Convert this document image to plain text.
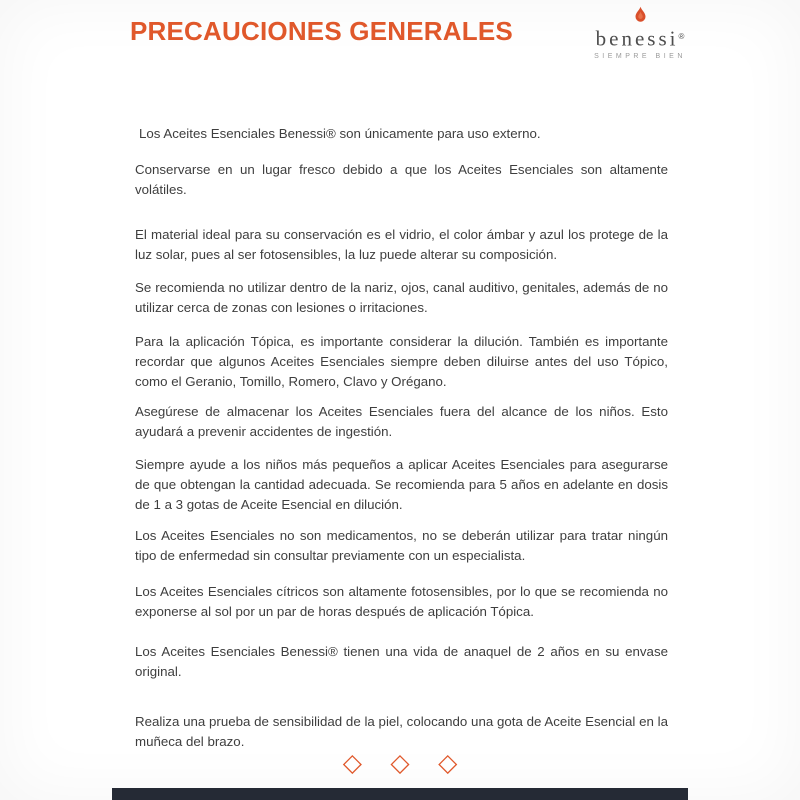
PRECAUCIONES GENERALES	benessi®
SIEMPRE BIEN

Los Aceites Esenciales Benessi® son únicamente para uso externo.

Conservarse en un lugar fresco debido a que los Aceites Esenciales son altamente volátiles.

El material ideal para su conservación es el vidrio, el color ámbar y azul los protege de la luz solar, pues al ser fotosensibles, la luz puede alterar su composición.

Se recomienda no utilizar dentro de la nariz, ojos, canal auditivo, genitales, además de no utilizar cerca de zonas con lesiones o irritaciones.

Para la aplicación Tópica, es importante considerar la dilución. También es importante recordar que algunos Aceites Esenciales siempre deben diluirse antes del uso Tópico, como el Geranio, Tomillo, Romero, Clavo y Orégano.

Asegúrese de almacenar los Aceites Esenciales fuera del alcance de los niños. Esto ayudará a prevenir accidentes de ingestión.

Siempre ayude a los niños más pequeños a aplicar Aceites Esenciales para asegurarse de que obtengan la cantidad adecuada. Se recomienda para 5 años en adelante en dosis de 1 a 3 gotas de Aceite Esencial en dilución.

Los Aceites Esenciales no son medicamentos, no se deberán utilizar para tratar ningún tipo de enfermedad sin consultar previamente con un especialista.

Los Aceites Esenciales cítricos son altamente fotosensibles, por lo que se recomienda no exponerse al sol por un par de horas después de aplicación Tópica.

Los Aceites Esenciales Benessi® tienen una vida de anaquel de 2 años en su envase original.

Realiza una prueba de sensibilidad de la piel, colocando una gota de Aceite Esencial en la muñeca del brazo.

◇ ◇ ◇
